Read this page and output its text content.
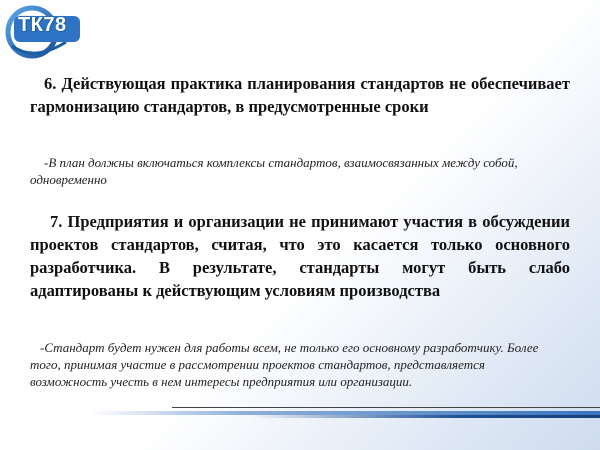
ТК78

6. Действующая практика планирования стандартов не обеспечивает гармонизацию стандартов, в предусмотренные сроки

-В план должны включаться комплексы стандартов, взаимосвязанных между собой, одновременно

7. Предприятия и организации не принимают участия в обсуждении проектов стандартов, считая, что это касается только основного разработчика. В результате, стандарты могут быть слабо адаптированы к действующим условиям производства

-Стандарт будет нужен для работы всем, не только его основному разработчику. Более того, принимая участие в рассмотрении проектов стандартов, представляется возможность учесть в нем интересы предприятия или организации.
